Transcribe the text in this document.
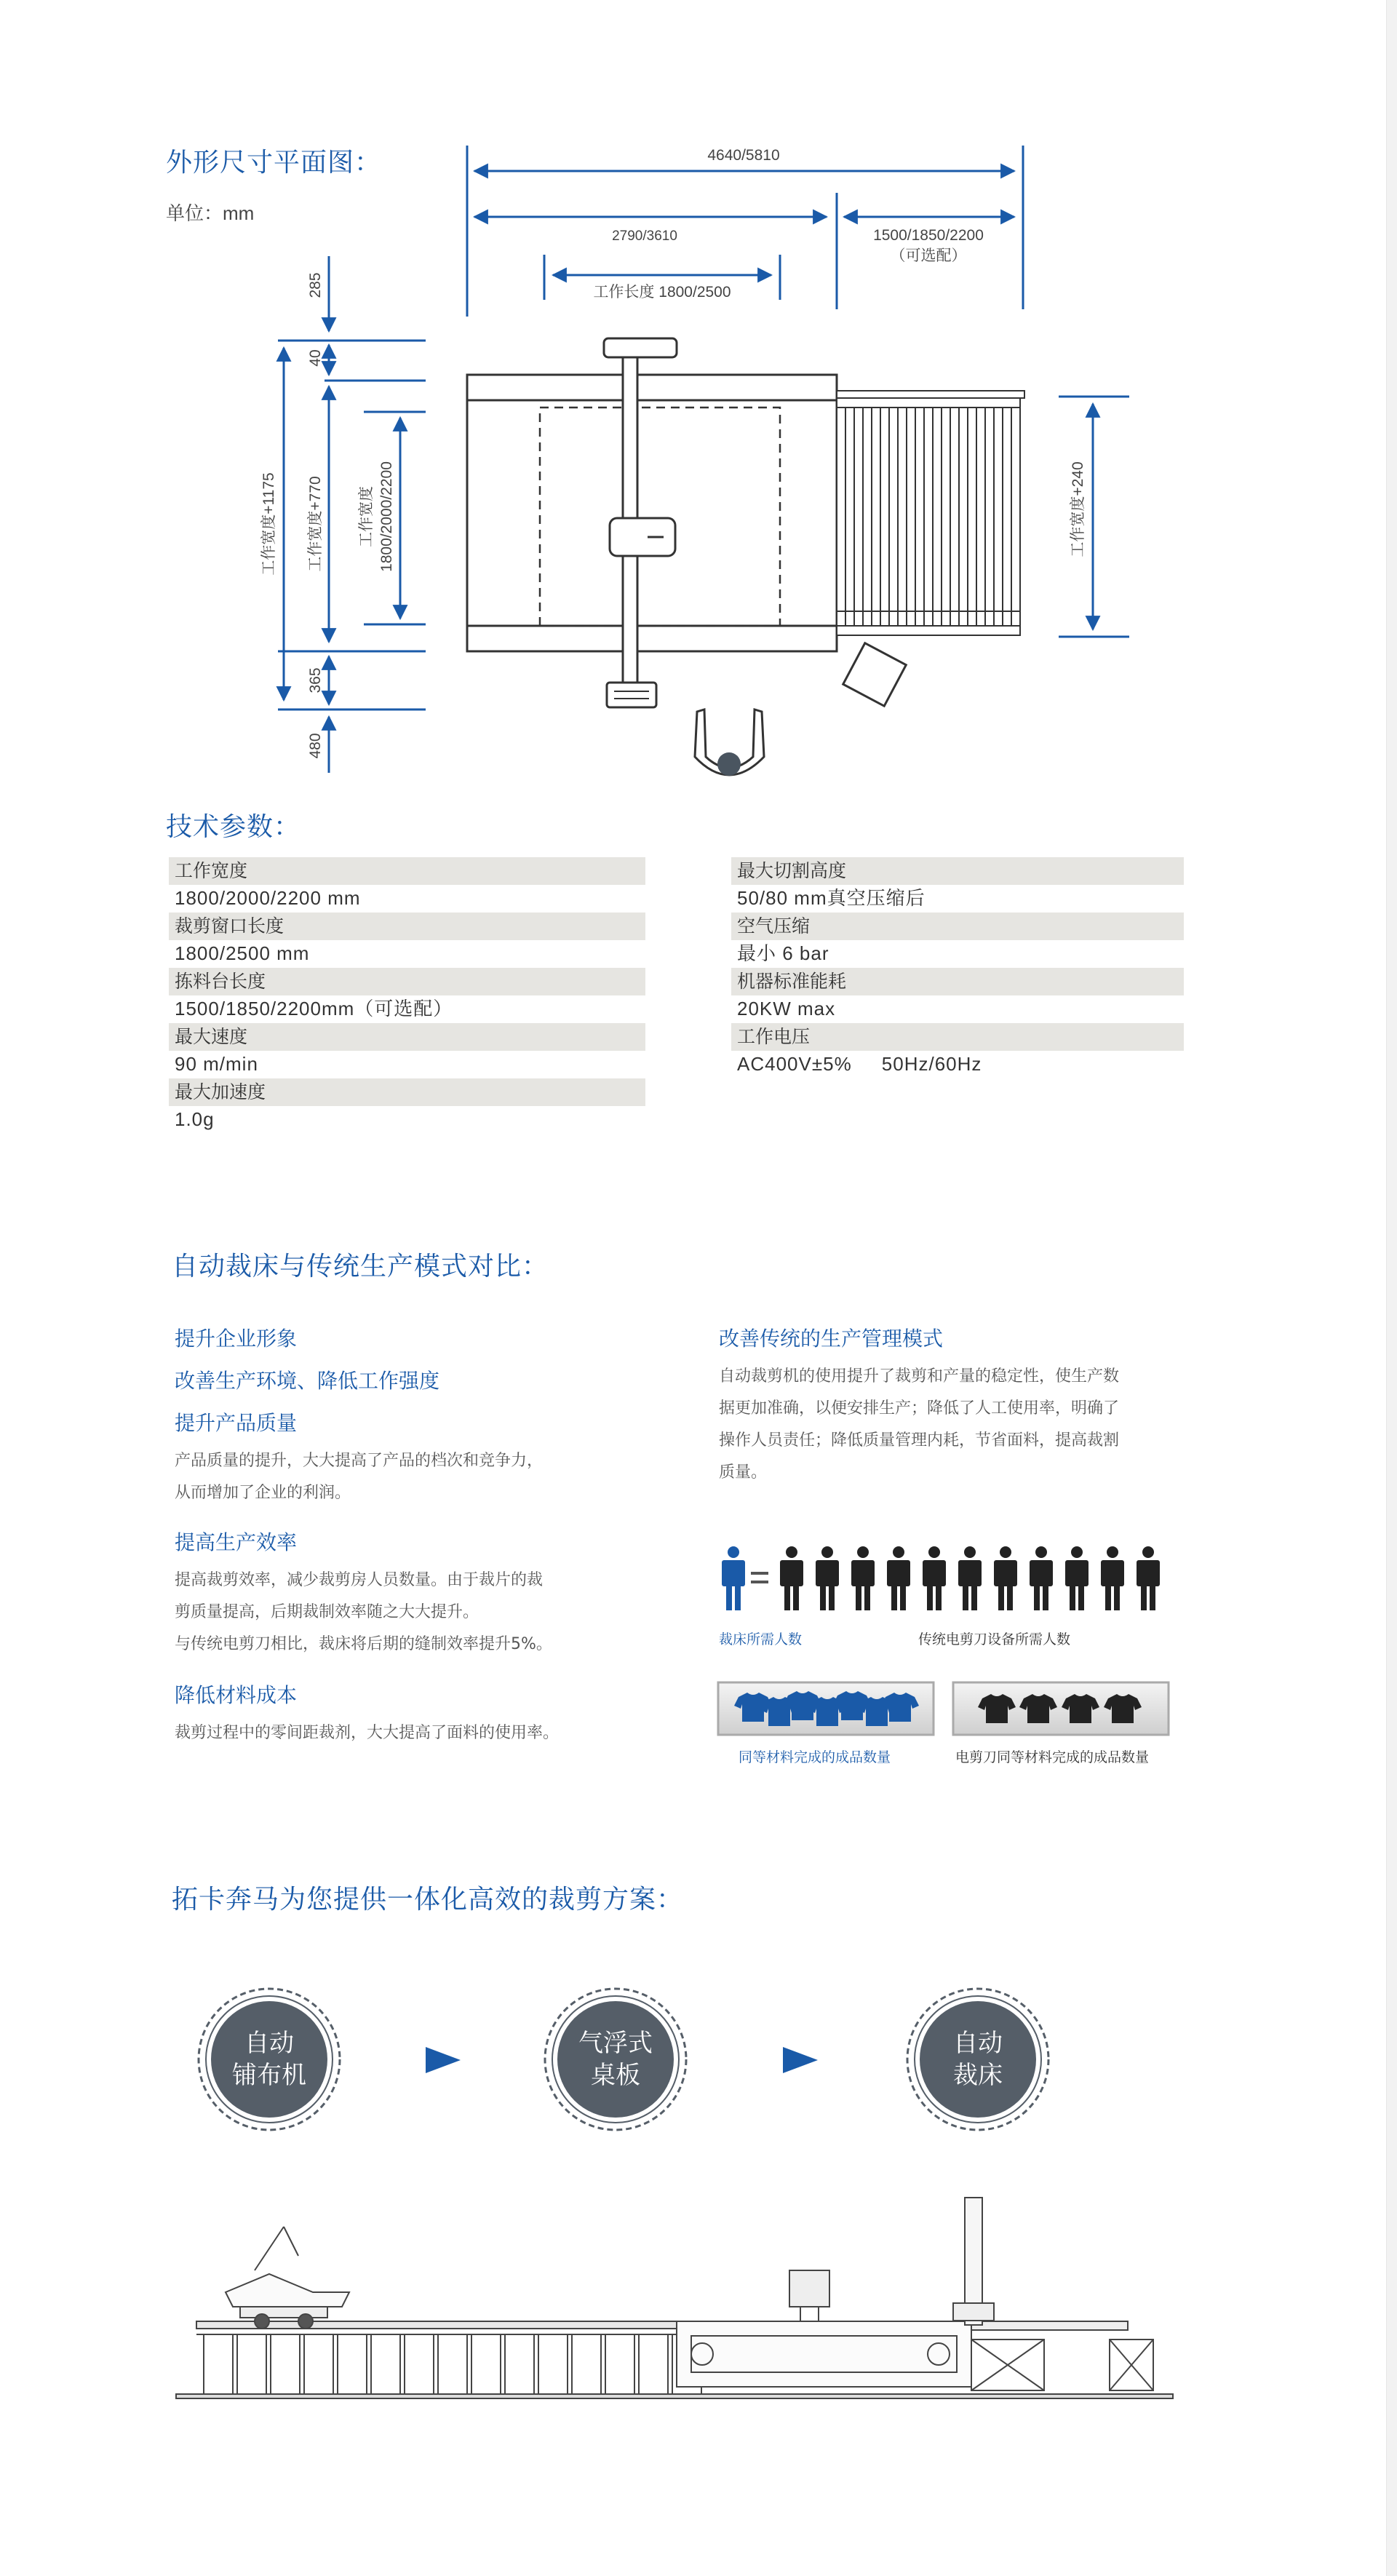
外形尺寸平面图：
单位：mm
4640/5810
2790/3610	1500/1850/2200
（可选配）
工作长度 1800/2500
285
40
工作宽度+1175 工作宽度+770 工作宽度 1800/2000/2200
365
480
工作宽度+240
技术参数：
工作宽度
1800/2000/2200 mm
裁剪窗口长度
1800/2500 mm
拣料台长度
1500/1850/2200mm（可选配）
最大速度
90 m/min
最大加速度
1.0g
最大切割高度
50/80 mm真空压缩后
空气压缩
最小 6 bar
机器标准能耗
20KW max
工作电压
AC400V±5%     50Hz/60Hz
自动裁床与传统生产模式对比：
提升企业形象
改善生产环境、降低工作强度
提升产品质量
产品质量的提升，大大提高了产品的档次和竞争力，
从而增加了企业的利润。
提高生产效率
提高裁剪效率，减少裁剪房人员数量。由于裁片的裁
剪质量提高，后期裁制效率随之大大提升。
与传统电剪刀相比，裁床将后期的缝制效率提升5%。
降低材料成本
裁剪过程中的零间距裁剂，大大提高了面料的使用率。
改善传统的生产管理模式
自动裁剪机的使用提升了裁剪和产量的稳定性，使生产数
据更加准确，以便安排生产；降低了人工使用率，明确了
操作人员责任；降低质量管理内耗，节省面料，提高裁割
质量。
裁床所需人数	传统电剪刀设备所需人数
同等材料完成的成品数量	电剪刀同等材料完成的成品数量
拓卡奔马为您提供一体化高效的裁剪方案：
自动
铺布机
气浮式
桌板
自动
裁床
